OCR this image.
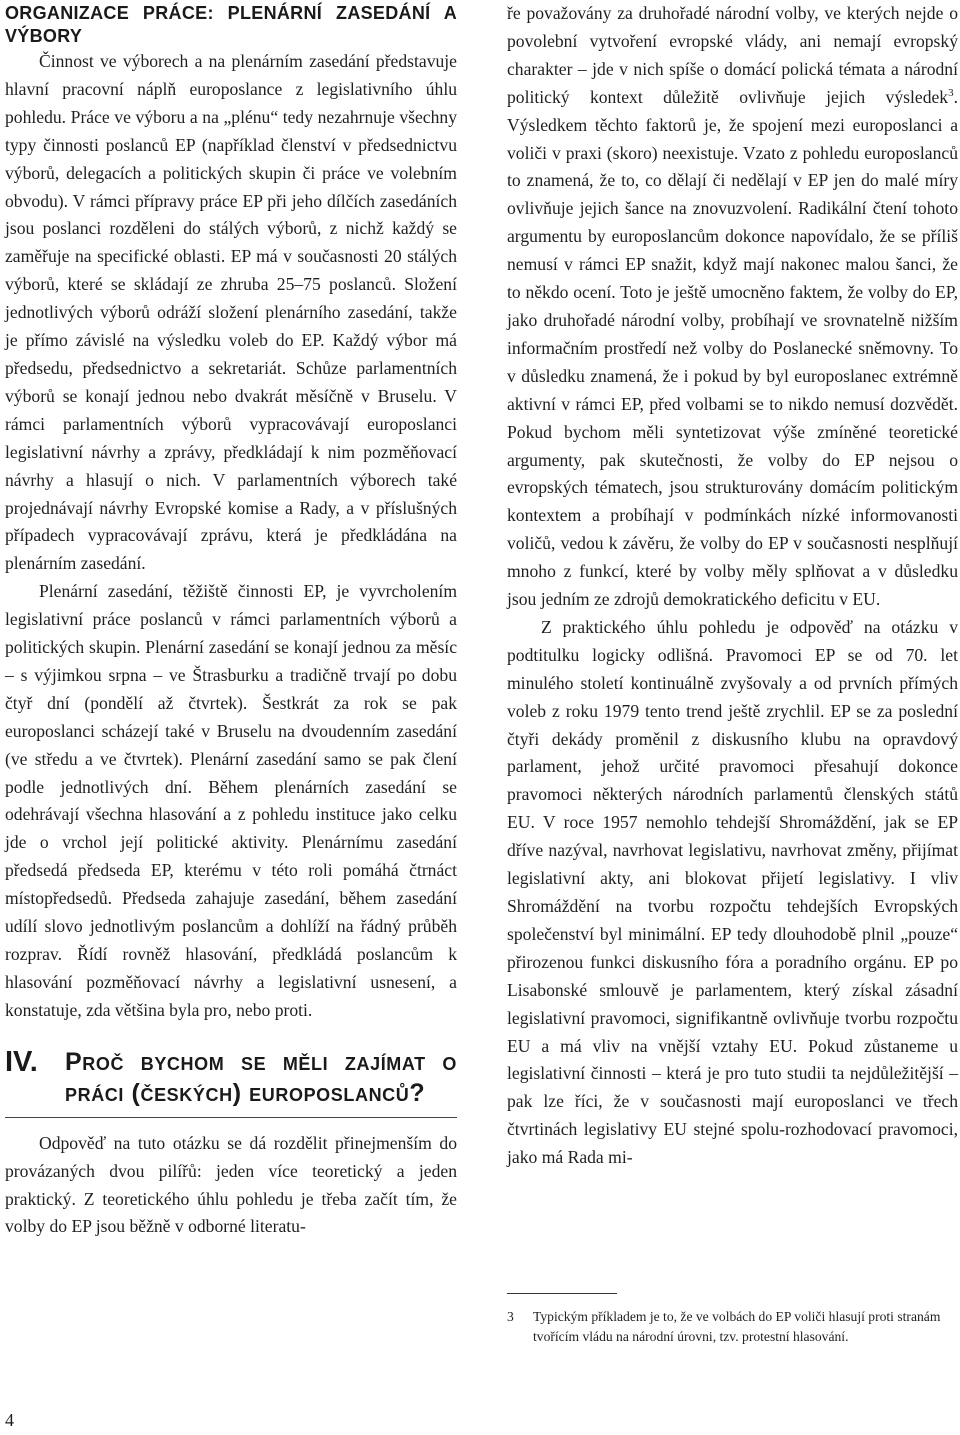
ORGANIZACE PRÁCE: PLENÁRNÍ ZASEDÁNÍ A VÝBORY

Činnost ve výborech a na plenárním zasedání představuje hlavní pracovní náplň europoslance z legislativního úhlu pohledu. Práce ve výboru a na „plénu“ tedy nezahrnuje všechny typy činnosti poslanců EP (například členství v předsednictvu výborů, delegacích a politických skupin či práce ve volebním obvodu). V rámci přípravy práce EP při jeho dílčích zasedáních jsou poslanci rozděleni do stálých výborů, z nichž každý se zaměřuje na specifické oblasti. EP má v současnosti 20 stálých výborů, které se skládají ze zhruba 25–75 poslanců. Složení jednotlivých výborů odráží složení plenárního zasedání, takže je přímo závislé na výsledku voleb do EP. Každý výbor má předsedu, předsednictvo a sekretariát. Schůze parlamentních výborů se konají jednou nebo dvakrát měsíčně v Bruselu. V rámci parlamentních výborů vypracovávají europoslanci legislativní návrhy a zprávy, předkládají k nim pozměňovací návrhy a hlasují o nich. V parlamentních výborech také projednávají návrhy Evropské komise a Rady, a v příslušných případech vypracovávají zprávu, která je předkládána na plenárním zasedání.

Plenární zasedání, těžiště činnosti EP, je vyvrcholením legislativní práce poslanců v rámci parlamentních výborů a politických skupin. Plenární zasedání se konají jednou za měsíc – s výjimkou srpna – ve Štrasburku a tradičně trvají po dobu čtyř dní (pondělí až čtvrtek). Šestkrát za rok se pak europoslanci scházejí také v Bruselu na dvoudenním zasedání (ve středu a ve čtvrtek). Plenární zasedání samo se pak člení podle jednotlivých dní. Během plenárních zasedání se odehrávají všechna hlasování a z pohledu instituce jako celku jde o vrchol její politické aktivity. Plenárnímu zasedání předsedá předseda EP, kterému v této roli pomáhá čtrnáct místopředsedů. Předseda zahajuje zasedání, během zasedání udílí slovo jednotlivým poslancům a dohlíží na řádný průběh rozprav. Řídí rovněž hlasování, předkládá poslancům k hlasování pozměňovací návrhy a legislativní usnesení, a konstatuje, zda většina byla pro, nebo proti.

IV. Proč bychom se měli zajímat o práci (českých) europoslanců?

Odpověď na tuto otázku se dá rozdělit přinejmenším do provázaných dvou pilířů: jeden více teoretický a jeden praktický. Z teoretického úhlu pohledu je třeba začít tím, že volby do EP jsou běžně v odborné literatu-

ře považovány za druhořadé národní volby, ve kterých nejde o povolební vytvoření evropské vlády, ani nemají evropský charakter – jde v nich spíše o domácí polická témata a národní politický kontext důležitě ovlivňuje jejich výsledek$^3$. Výsledkem těchto faktorů je, že spojení mezi europoslanci a voliči v praxi (skoro) neexistuje. Vzato z pohledu europoslanců to znamená, že to, co dělají či nedělají v EP jen do malé míry ovlivňuje jejich šance na znovuzvolení. Radikální čtení tohoto argumentu by europoslancům dokonce napovídalo, že se příliš nemusí v rámci EP snažit, když mají nakonec malou šanci, že to někdo ocení. Toto je ještě umocněno faktem, že volby do EP, jako druhořadé národní volby, probíhají ve srovnatelně nižším informačním prostředí než volby do Poslanecké sněmovny. To v důsledku znamená, že i pokud by byl europoslanec extrémně aktivní v rámci EP, před volbami se to nikdo nemusí dozvědět. Pokud bychom měli syntetizovat výše zmíněné teoretické argumenty, pak skutečnosti, že volby do EP nejsou o evropských tématech, jsou strukturovány domácím politickým kontextem a probíhají v podmínkách nízké informovanosti voličů, vedou k závěru, že volby do EP v současnosti nesplňují mnoho z funkcí, které by volby měly splňovat a v důsledku jsou jedním ze zdrojů demokratického deficitu v EU.

Z praktického úhlu pohledu je odpověď na otázku v podtitulku logicky odlišná. Pravomoci EP se od 70. let minulého století kontinuálně zvyšovaly a od prvních přímých voleb z roku 1979 tento trend ještě zrychlil. EP se za poslední čtyři dekády proměnil z diskusního klubu na opravdový parlament, jehož určité pravomoci přesahují dokonce pravomoci některých národních parlamentů členských států EU. V roce 1957 nemohlo tehdejší Shromáždění, jak se EP dříve nazýval, navrhovat legislativu, navrhovat změny, přijímat legislativní akty, ani blokovat přijetí legislativy. I vliv Shromáždění na tvorbu rozpočtu tehdejších Evropských společenství byl minimální. EP tedy dlouhodobě plnil „pouze“ přirozenou funkci diskusního fóra a poradního orgánu. EP po Lisabonské smlouvě je parlamentem, který získal zásadní legislativní pravomoci, signifikantně ovlivňuje tvorbu rozpočtu EU a má vliv na vnější vztahy EU. Pokud zůstaneme u legislativní činnosti – která je pro tuto studii ta nejdůležitější – pak lze říci, že v současnosti mají europoslanci ve třech čtvrtinách legislativy EU stejné spolu-rozhodovací pravomoci, jako má Rada mi-

3 Typickým příkladem je to, že ve volbách do EP voliči hlasují proti stranám tvořícím vládu na národní úrovni, tzv. protestní hlasování.
4
